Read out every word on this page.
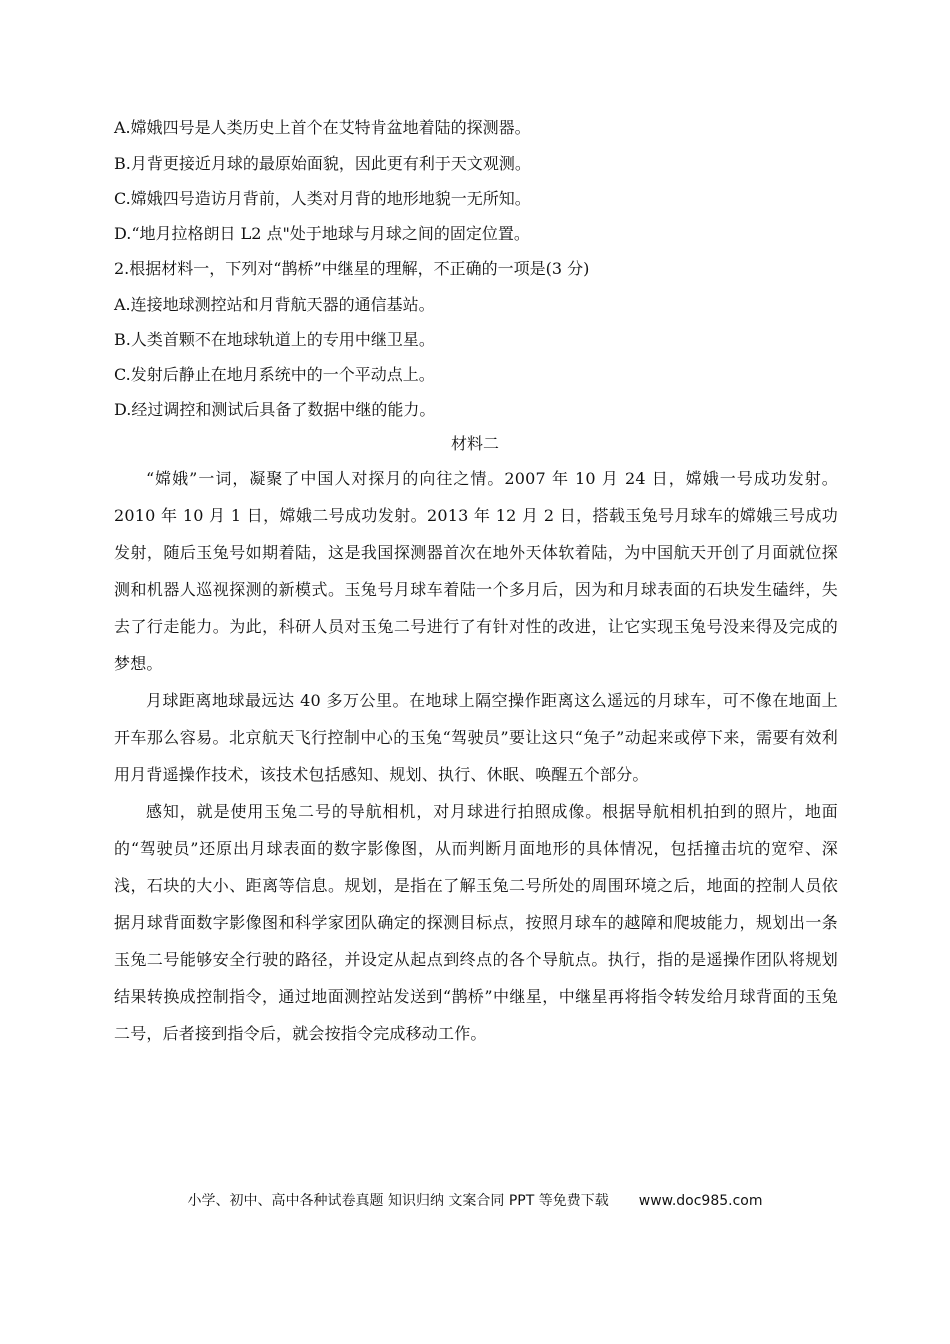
A.嫦娥四号是人类历史上首个在艾特肯盆地着陆的探测器。
B.月背更接近月球的最原始面貌，因此更有利于天文观测。
C.嫦娥四号造访月背前，人类对月背的地形地貌一无所知。
D.“地月拉格朗日 L2 点"处于地球与月球之间的固定位置。
2.根据材料一，下列对“鹊桥”中继星的理解，不正确的一项是(3 分)
A.连接地球测控站和月背航天器的通信基站。
B.人类首颗不在地球轨道上的专用中继卫星。
C.发射后静止在地月系统中的一个平动点上。
D.经过调控和测试后具备了数据中继的能力。
材料二
“嫦娥”一词，凝聚了中国人对探月的向往之情。2007 年 10 月 24 日，嫦娥一号成功发射。2010 年 10 月 1 日，嫦娥二号成功发射。2013 年 12 月 2 日，搭载玉兔号月球车的嫦娥三号成功发射，随后玉兔号如期着陆，这是我国探测器首次在地外天体软着陆，为中国航天开创了月面就位探测和机器人巡视探测的新模式。玉兔号月球车着陆一个多月后，因为和月球表面的石块发生磕绊，失去了行走能力。为此，科研人员对玉兔二号进行了有针对性的改进，让它实现玉兔号没来得及完成的梦想。
月球距离地球最远达 40 多万公里。在地球上隔空操作距离这么遥远的月球车，可不像在地面上开车那么容易。北京航天飞行控制中心的玉兔“驾驶员”要让这只“兔子”动起来或停下来，需要有效利用月背遥操作技术，该技术包括感知、规划、执行、休眠、唤醒五个部分。
感知，就是使用玉兔二号的导航相机，对月球进行拍照成像。根据导航相机拍到的照片，地面的“驾驶员”还原出月球表面的数字影像图，从而判断月面地形的具体情况，包括撞击坑的宽窄、深浅，石块的大小、距离等信息。规划，是指在了解玉兔二号所处的周围环境之后，地面的控制人员依据月球背面数字影像图和科学家团队确定的探测目标点，按照月球车的越障和爬坡能力，规划出一条玉兔二号能够安全行驶的路径，并设定从起点到终点的各个导航点。执行，指的是遥操作团队将规划结果转换成控制指令，通过地面测控站发送到“鹊桥”中继星，中继星再将指令转发给月球背面的玉兔二号，后者接到指令后，就会按指令完成移动工作。
小学、初中、高中各种试卷真题 知识归纳 文案合同 PPT 等免费下载 www.doc985.com
